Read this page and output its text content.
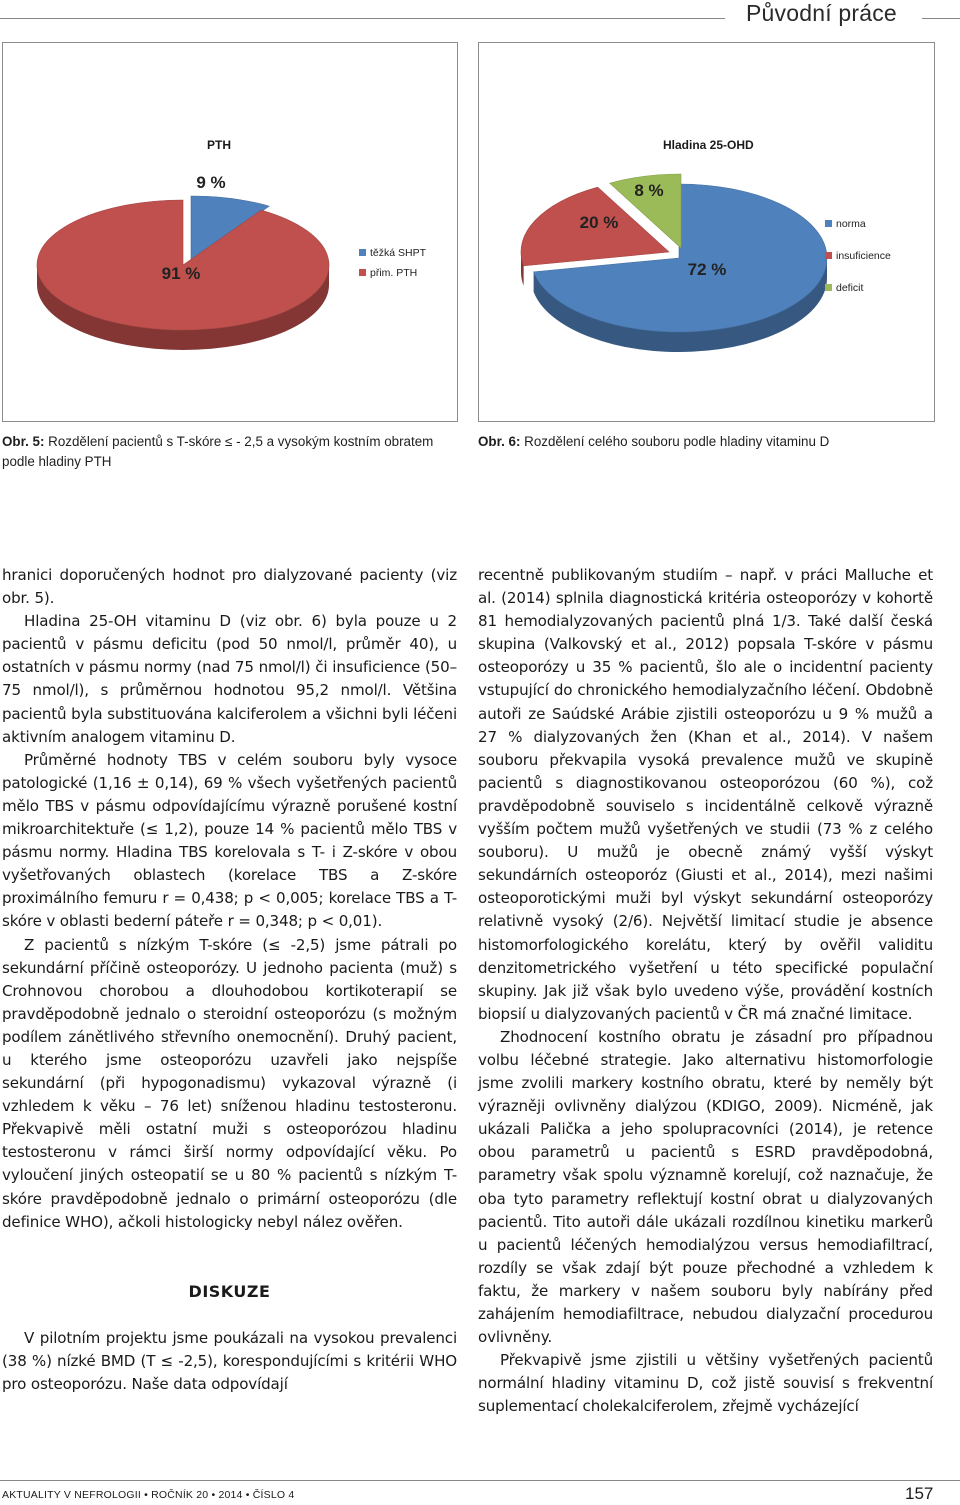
Původní práce
PTH
9 %
91 %
těžká SHPT
přim. PTH
Hladina 25-OHD
72 %
20 %
8 %
norma
insuficience
deficit
Obr. 5: Rozdělení pacientů s T-skóre ≤ - 2,5 a vysokým kostním obratem podle hladiny PTH
Obr. 6: Rozdělení celého souboru podle hladiny vitaminu D

hranici doporučených hodnot pro dialyzované pacienty (viz obr. 5).

Hladina 25-OH vitaminu D (viz obr. 6) byla pouze u 2 pacientů v pásmu deficitu (pod 50 nmol/l, průměr 40), u ostatních v pásmu normy (nad 75 nmol/l) či insuficience (50–75 nmol/l), s průměrnou hodnotou 95,2 nmol/l. Většina pacientů byla substituována kalciferolem a všichni byli léčeni aktivním analogem vitaminu D.

Průměrné hodnoty TBS v celém souboru byly vysoce patologické (1,16 ± 0,14), 69 % všech vyšetřených pacientů mělo TBS v pásmu odpovídajícímu výrazně porušené kostní mikroarchitektuře (≤ 1,2), pouze 14 % pacientů mělo TBS v pásmu normy. Hladina TBS korelovala s T- i Z-skóre v obou vyšetřovaných oblastech (korelace TBS a Z-skóre proximálního femuru r = 0,438; p < 0,005; korelace TBS a T-skóre v oblasti bederní páteře r = 0,348; p < 0,01).

Z pacientů s nízkým T-skóre (≤ -2,5) jsme pátrali po sekundární příčině osteoporózy. U jednoho pacienta (muž) s Crohnovou chorobou a dlouhodobou kortikoterapií se pravděpodobně jednalo o steroidní osteoporózu (s možným podílem zánětlivého střevního onemocnění). Druhý pacient, u kterého jsme osteoporózu uzavřeli jako nejspíše sekundární (při hypogonadismu) vykazoval výrazně (i vzhledem k věku – 76 let) sníženou hladinu testosteronu. Překvapivě měli ostatní muži s osteoporózou hladinu testosteronu v rámci širší normy odpovídající věku. Po vyloučení jiných osteopatií se u 80 % pacientů s nízkým T-skóre pravděpodobně jednalo o primární osteoporózu (dle definice WHO), ačkoli histologicky nebyl nález ověřen.

DISKUZE

V pilotním projektu jsme poukázali na vysokou prevalenci (38 %) nízké BMD (T ≤ -2,5), korespondujícími s kritérii WHO pro osteoporózu. Naše data odpovídají

recentně publikovaným studiím – např. v práci Malluche et al. (2014) splnila diagnostická kritéria osteoporózy v kohortě 81 hemodialyzovaných pacientů plná 1/3. Také další česká skupina (Valkovský et al., 2012) popsala T-skóre v pásmu osteoporózy u 35 % pacientů, šlo ale o incidentní pacienty vstupující do chronického hemodialyzačního léčení. Obdobně autoři ze Saúdské Arábie zjistili osteoporózu u 9 % mužů a 27 % dialyzovaných žen (Khan et al., 2014). V našem souboru překvapila vysoká prevalence mužů ve skupině pacientů s diagnostikovanou osteoporózou (60 %), což pravděpodobně souviselo s incidentálně celkově výrazně vyšším počtem mužů vyšetřených ve studii (73 % z celého souboru). U mužů je obecně známý vyšší výskyt sekundárních osteoporóz (Giusti et al., 2014), mezi našimi osteoporotickými muži byl výskyt sekundární osteoporózy relativně vysoký (2/6). Největší limitací studie je absence histomorfologického korelátu, který by ověřil validitu denzitometrického vyšetření u této specifické populační skupiny. Jak již však bylo uvedeno výše, provádění kostních biopsií u dialyzovaných pacientů v ČR má značné limitace.

Zhodnocení kostního obratu je zásadní pro případnou volbu léčebné strategie. Jako alternativu histomorfologie jsme zvolili markery kostního obratu, které by neměly být výrazněji ovlivněny dialýzou (KDIGO, 2009). Nicméně, jak ukázali Palička a jeho spolupracovníci (2014), je retence obou parametrů u pacientů s ESRD pravděpodobná, parametry však spolu významně korelují, což naznačuje, že oba tyto parametry reflektují kostní obrat u dialyzovaných pacientů. Tito autoři dále ukázali rozdílnou kinetiku markerů u pacientů léčených hemodialýzou versus hemodiafiltrací, rozdíly se však zdají být pouze přechodné a vzhledem k faktu, že markery v našem souboru byly nabírány před zahájením hemodiafiltrace, nebudou dialyzační procedurou ovlivněny.

Překvapivě jsme zjistili u většiny vyšetřených pacientů normální hladiny vitaminu D, což jistě souvisí s frekventní suplementací cholekalciferolem, zřejmě vycházející

AKTUALITY V NEFROLOGII • ROČNÍK 20 • 2014 • ČÍSLO 4	157
